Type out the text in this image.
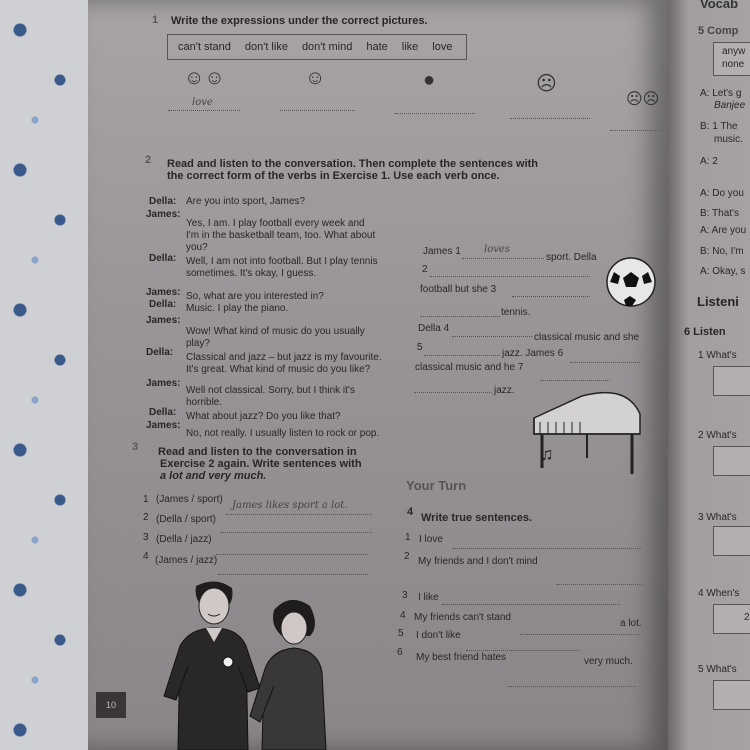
1 Write the expressions under the correct pictures.
can't stand don't like don't mind hate like love
☺☺	☺	●	☹
☹☹
love
2 Read and listen to the conversation. Then complete the sentences with
the correct form of the verbs in Exercise 1. Use each verb once.
Della: Are you into sport, James?
James:
Yes, I am. I play football every week and
I'm in the basketball team, too. What about
you?
Della: Well, I am not into football. But I play tennis
sometimes. It's okay, I guess.
James: So, what are you interested in?
Della: Music. I play the piano.
James:
Wow! What kind of music do you usually
play?
Della: Classical and jazz – but jazz is my favourite.
It's great. What kind of music do you like?
James:
Well not classical. Sorry, but I think it's
horrible.
Della: What about jazz? Do you like that?
James:
No, not really. I usually listen to rock or pop.
James 1 loves
sport. Della
2
football but she 3
tennis.
Della 4
classical music and she
5
jazz. James 6
classical music and he 7
jazz.
♫
3 Read and listen to the conversation in
Exercise 2 again. Write sentences with
a lot and very much.
1 (James / sport)
James likes sport a lot.
2 (Della / sport)
3 (Della / jazz)
4 (James / jazz)
Your Turn
4 Write true sentences.
1 I love
2 My friends and I don't mind
3 I like
a lot.
4 My friends can't stand
5 I don't like
very much.
6 My best friend hates
10
Vocab
5 Comp
anyw
none
A: Let's g
Banjee
B: 1 The
music.
A: 2
A: Do you
B: That's
A: Are you
B: No, I'm
A: Okay, s
Listeni
6 Listen
1 What's
2 What's
3 What's
4 When's
2
5 What's
